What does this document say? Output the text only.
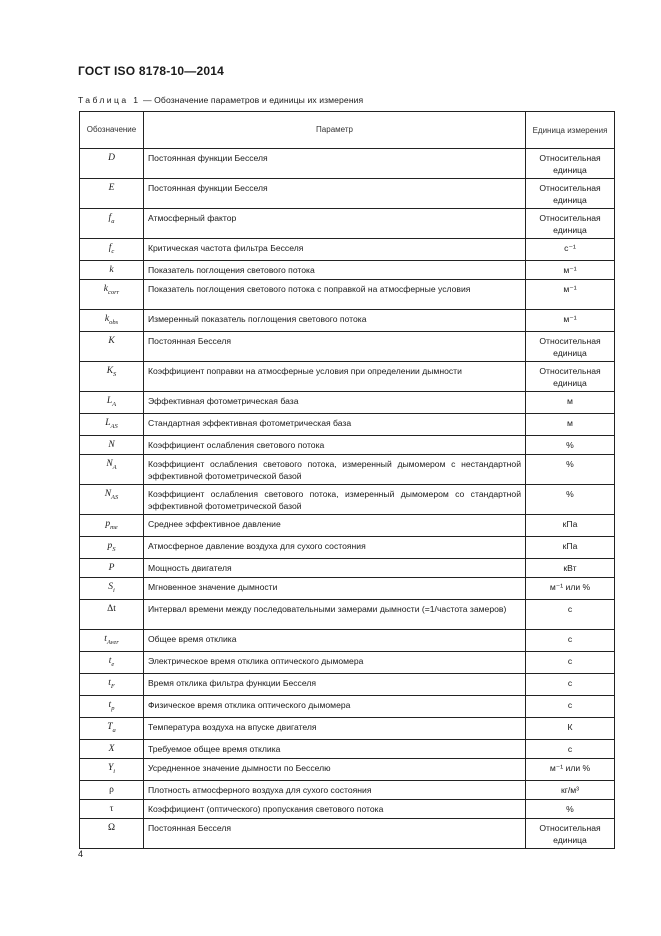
ГОСТ ISO 8178-10—2014
Таблица 1 — Обозначение параметров и единицы их измерения
Обозначение	Параметр	Единица измерения
D	Постоянная функции Бесселя	Относительная единица
E	Постоянная функции Бесселя	Относительная единица
$f_a$	Атмосферный фактор	Относительная единица
$f_c$	Критическая частота фильтра Бесселя	с⁻¹
k	Показатель поглощения светового потока	м⁻¹
$k_{corr}$	Показатель поглощения светового потока с поправкой на атмосферные условия	м⁻¹
$k_{obs}$	Измеренный показатель поглощения светового потока	м⁻¹
K	Постоянная Бесселя	Относительная единица
$K_S$	Коэффициент поправки на атмосферные условия при определении дымности	Относительная единица
$L_A$	Эффективная фотометрическая база	м
$L_{AS}$	Стандартная эффективная фотометрическая база	м
N	Коэффициент ослабления светового потока	%
$N_A$	Коэффициент ослабления светового потока, измеренный дымомером с нестандартной эффективной фотометрической базой	%
$N_{AS}$	Коэффициент ослабления светового потока, измеренный дымомером со стандартной эффективной фотометрической базой	%
$p_{me}$	Среднее эффективное давление	кПа
$p_S$	Атмосферное давление воздуха для сухого состояния	кПа
P	Мощность двигателя	кВт
$S_i$	Мгновенное значение дымности	м⁻¹ или %
Δt	Интервал времени между последовательными замерами дымности (=1/частота замеров)	с
$t_{Aver}$	Общее время отклика	с
$t_e$	Электрическое время отклика оптического дымомера	с
$t_F$	Время отклика фильтра функции Бесселя	с
$t_p$	Физическое время отклика оптического дымомера	с
$T_a$	Температура воздуха на впуске двигателя	К
X	Требуемое общее время отклика	с
$Y_i$	Усредненное значение дымности по Бесселю	м⁻¹ или %
ρ	Плотность атмосферного воздуха для сухого состояния	кг/м³
τ	Коэффициент (оптического) пропускания светового потока	%
Ω	Постоянная Бесселя	Относительная единица
4
